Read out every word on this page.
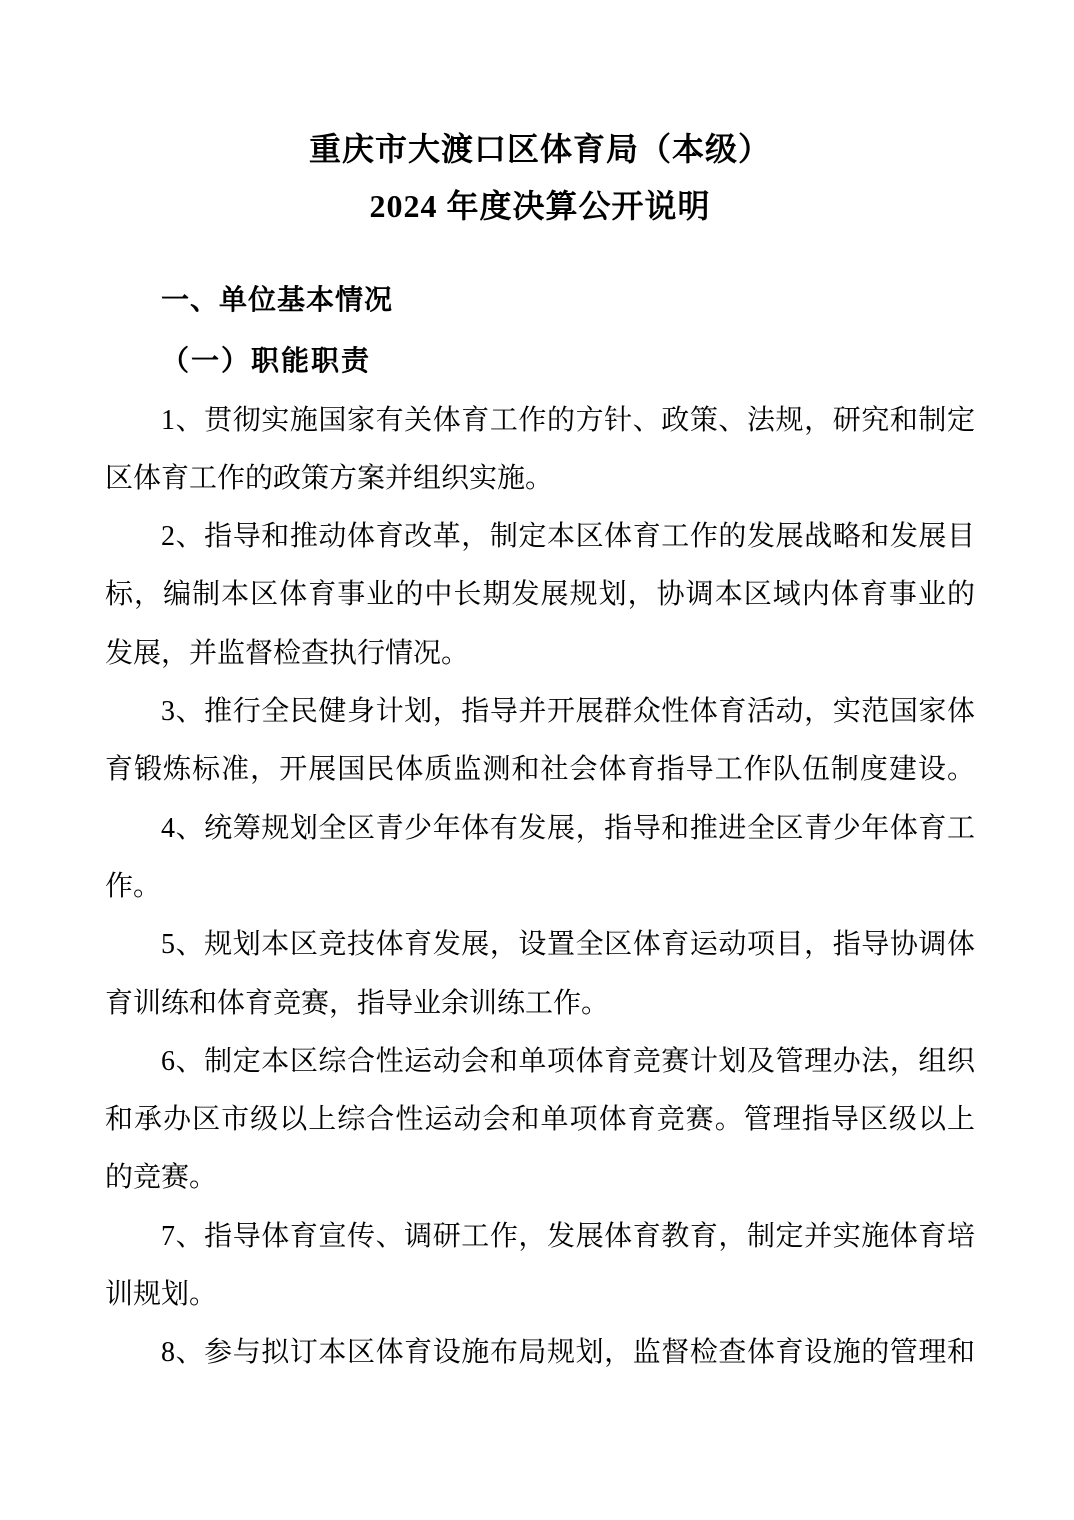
重庆市大渡口区体育局（本级）
2024 年度决算公开说明
一、单位基本情况
（一）职能职责
1、贯彻实施国家有关体育工作的方针、政策、法规，研究和制定
区体育工作的政策方案并组织实施。
2、指导和推动体育改革，制定本区体育工作的发展战略和发展目
标，编制本区体育事业的中长期发展规划，协调本区域内体育事业的
发展，并监督检查执行情况。
3、推行全民健身计划，指导并开展群众性体育活动，实范国家体
育锻炼标准，开展国民体质监测和社会体育指导工作队伍制度建设。
4、统筹规划全区青少年体有发展，指导和推进全区青少年体育工
作。
5、规划本区竞技体育发展，设置全区体育运动项目，指导协调体
育训练和体育竞赛，指导业余训练工作。
6、制定本区综合性运动会和单项体育竞赛计划及管理办法，组织
和承办区市级以上综合性运动会和单项体育竞赛。管理指导区级以上
的竞赛。
7、指导体育宣传、调研工作，发展体育教育，制定并实施体育培
训规划。
8、参与拟订本区体育设施布局规划，监督检查体育设施的管理和
